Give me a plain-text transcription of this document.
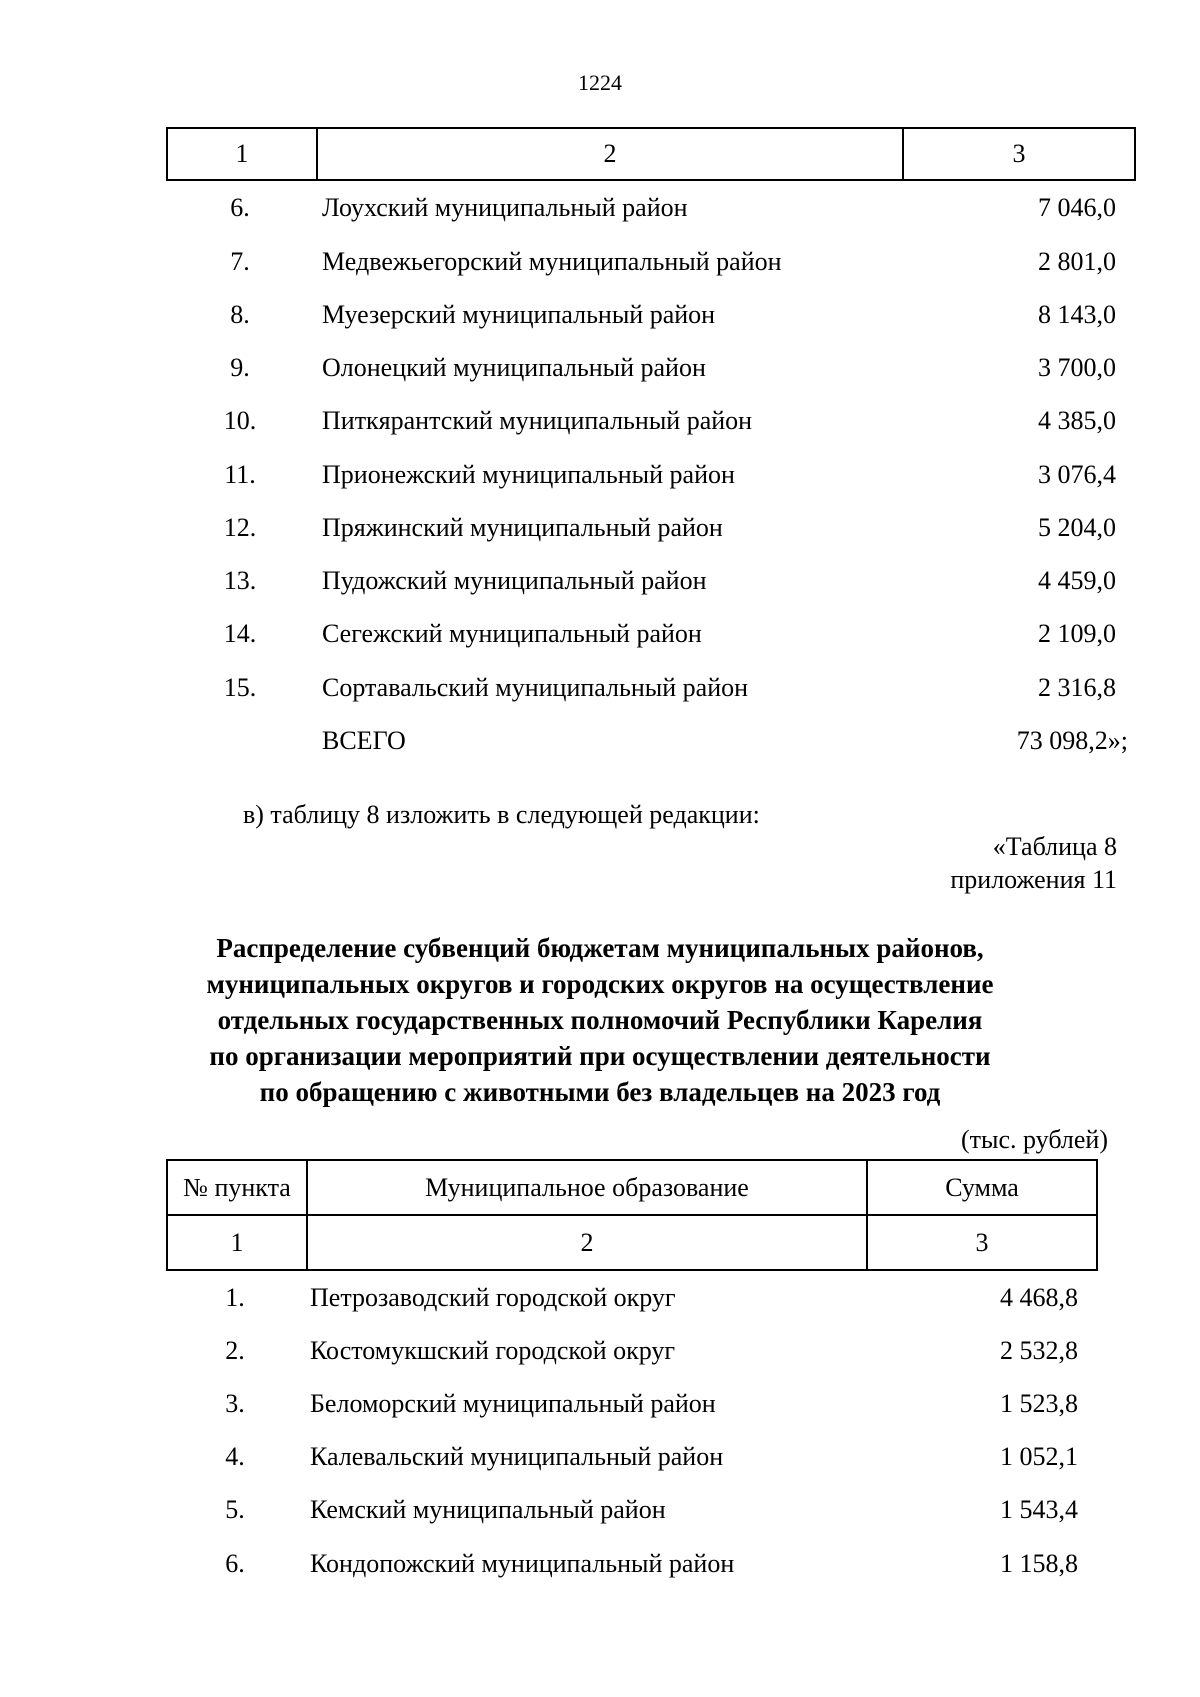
1224
1	2	3
6.	Лоухский муниципальный район	7 046,0
7.	Медвежьегорский муниципальный район	2 801,0
8.	Муезерский муниципальный район	8 143,0
9.	Олонецкий муниципальный район	3 700,0
10.	Питкярантский муниципальный район	4 385,0
11.	Прионежский муниципальный район	3 076,4
12.	Пряжинский муниципальный район	5 204,0
13.	Пудожский муниципальный район	4 459,0
14.	Сегежский муниципальный район	2 109,0
15.	Сортавальский муниципальный район	2 316,8
ВСЕГО	73 098,2»;
в) таблицу 8 изложить в следующей редакции:
«Таблица 8
приложения 11
Распределение субвенций бюджетам муниципальных районов,
муниципальных округов и городских округов на осуществление
отдельных государственных полномочий Республики Карелия
по организации мероприятий при осуществлении деятельности
по обращению с животными без владельцев на 2023 год
(тыс. рублей)
№ пункта	Муниципальное образование	Сумма
1	2	3
1.	Петрозаводский городской округ	4 468,8
2.	Костомукшский городской округ	2 532,8
3.	Беломорский муниципальный район	1 523,8
4.	Калевальский муниципальный район	1 052,1
5.	Кемский муниципальный район	1 543,4
6.	Кондопожский муниципальный район	1 158,8
